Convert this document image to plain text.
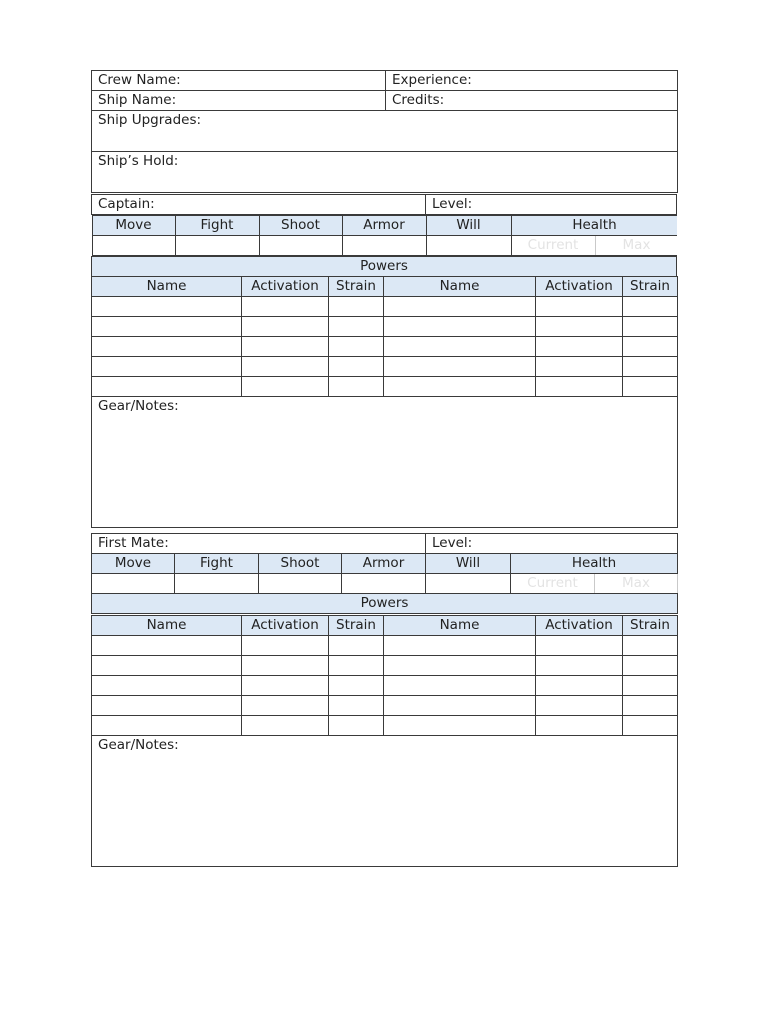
Crew Name:	Experience:
Ship Name:	Credits:
Ship Upgrades:	
Ship’s Hold:	
Captain:	Level:

Move	Fight	Shoot	Armor	Will	Health
					Current	Max

Powers
Name	Activation	Strain	Name	Activation	Strain

Gear/Notes:					
First Mate:	Level:
Move	Fight	Shoot	Armor	Will	Health	
					Current	Max
Powers						
Name	Activation	Strain	Name	Activation	Strain

Gear/Notes:					
